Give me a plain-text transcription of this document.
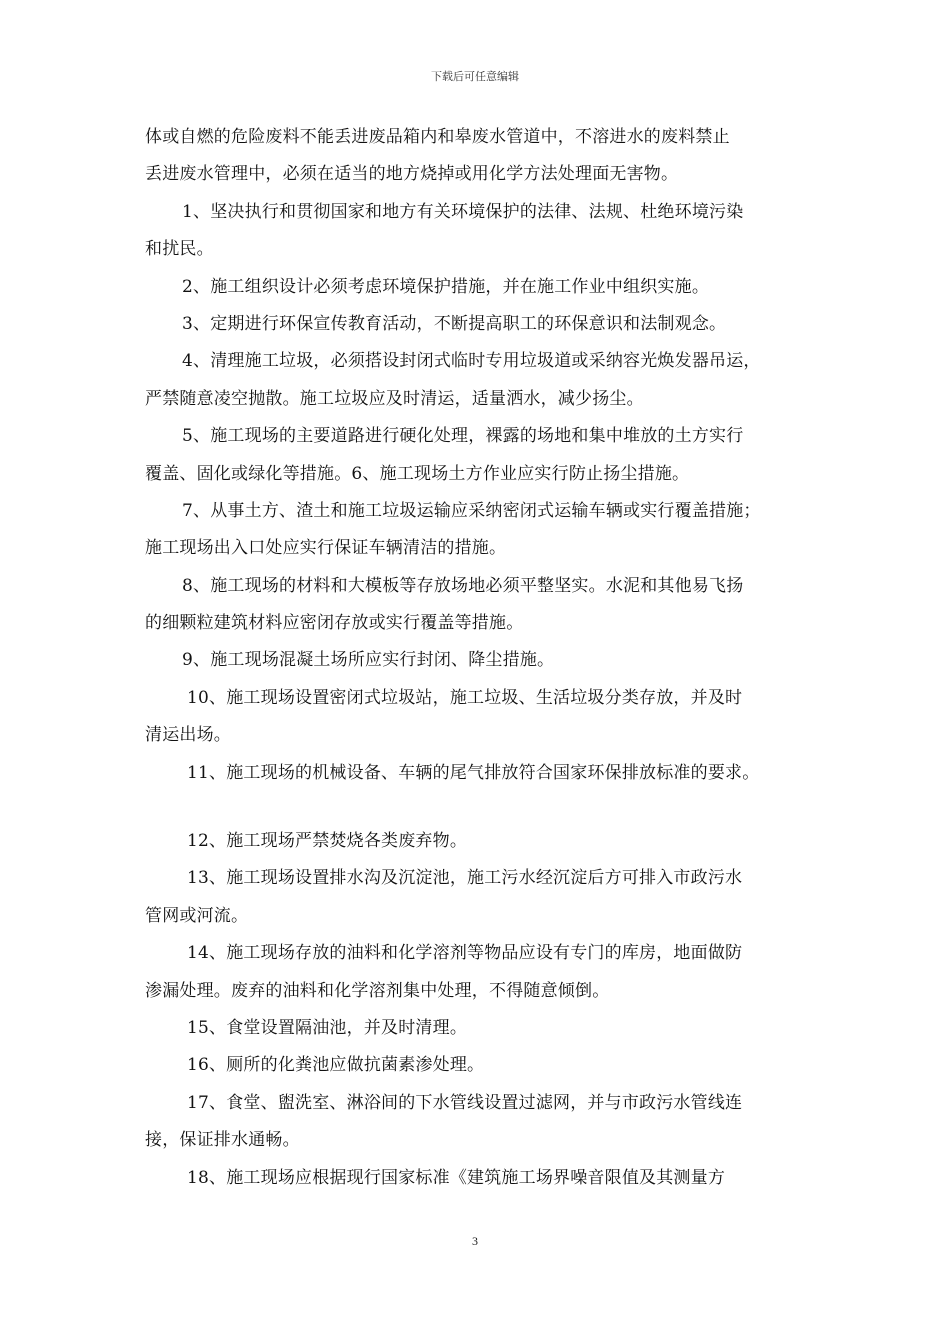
下载后可任意编辑
体或自燃的危险废料不能丢进废品箱内和皋废水管道中，不溶进水的废料禁止
丢进废水管理中，必须在适当的地方烧掉或用化学方法处理面无害物。
1、坚决执行和贯彻国家和地方有关环境保护的法律、法规、杜绝环境污染
和扰民。
2、施工组织设计必须考虑环境保护措施，并在施工作业中组织实施。
3、定期进行环保宣传教育活动，不断提高职工的环保意识和法制观念。
4、清理施工垃圾，必须搭设封闭式临时专用垃圾道或采纳容光焕发器吊运，
严禁随意凌空抛散。施工垃圾应及时清运，适量洒水，减少扬尘。
5、施工现场的主要道路进行硬化处理，裸露的场地和集中堆放的土方实行
覆盖、固化或绿化等措施。6、施工现场土方作业应实行防止扬尘措施。
7、从事土方、渣土和施工垃圾运输应采纳密闭式运输车辆或实行覆盖措施；
施工现场出入口处应实行保证车辆清洁的措施。
8、施工现场的材料和大模板等存放场地必须平整坚实。水泥和其他易飞扬
的细颗粒建筑材料应密闭存放或实行覆盖等措施。
9、施工现场混凝土场所应实行封闭、降尘措施。
10、施工现场设置密闭式垃圾站，施工垃圾、生活垃圾分类存放，并及时
清运出场。
11、施工现场的机械设备、车辆的尾气排放符合国家环保排放标准的要求。
12、施工现场严禁焚烧各类废弃物。
13、施工现场设置排水沟及沉淀池，施工污水经沉淀后方可排入市政污水
管网或河流。
14、施工现场存放的油料和化学溶剂等物品应设有专门的库房，地面做防
渗漏处理。废弃的油料和化学溶剂集中处理，不得随意倾倒。
15、食堂设置隔油池，并及时清理。
16、厕所的化粪池应做抗菌素渗处理。
17、食堂、盥洗室、淋浴间的下水管线设置过滤网，并与市政污水管线连
接，保证排水通畅。
18、施工现场应根据现行国家标准《建筑施工场界噪音限值及其测量方
3
